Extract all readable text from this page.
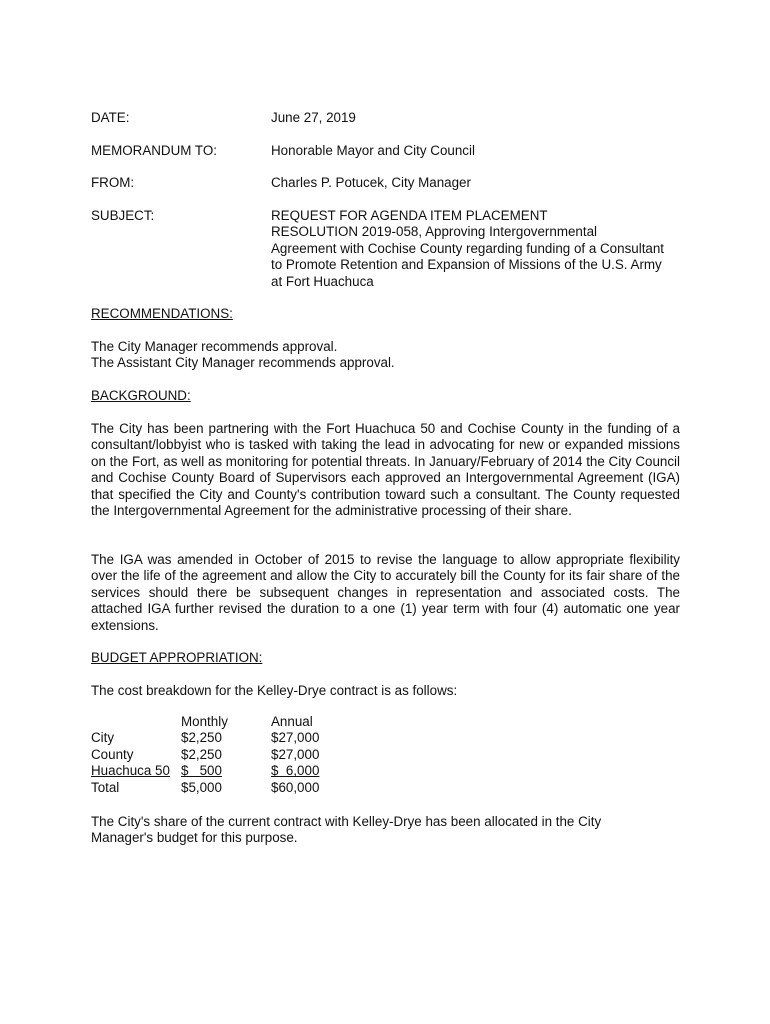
DATE:	June 27, 2019
MEMORANDUM TO:	Honorable Mayor and City Council
FROM:	Charles P. Potucek, City Manager
SUBJECT:	REQUEST FOR AGENDA ITEM PLACEMENT
RESOLUTION 2019-058, Approving Intergovernmental
Agreement with Cochise County regarding funding of a Consultant
to Promote Retention and Expansion of Missions of the U.S. Army
at Fort Huachuca
RECOMMENDATIONS:
The City Manager recommends approval.
The Assistant City Manager recommends approval.
BACKGROUND:

The City has been partnering with the Fort Huachuca 50 and Cochise County in the funding of a consultant/lobbyist who is tasked with taking the lead in advocating for new or expanded missions on the Fort, as well as monitoring for potential threats. In January/February of 2014 the City Council and Cochise County Board of Supervisors each approved an Intergovernmental Agreement (IGA) that specified the City and County's contribution toward such a consultant. The County requested the Intergovernmental Agreement for the administrative processing of their share.

The IGA was amended in October of 2015 to revise the language to allow appropriate flexibility over the life of the agreement and allow the City to accurately bill the County for its fair share of the services should there be subsequent changes in representation and associated costs. The attached IGA further revised the duration to a one (1) year term with four (4) automatic one year extensions.

BUDGET APPROPRIATION:
The cost breakdown for the Kelley-Drye contract is as follows:
	Monthly	Annual
City	$2,250	$27,000
County	$2,250	$27,000
Huachuca 50	$   500	$  6,000
Total	$5,000	$60,000
The City's share of the current contract with Kelley-Drye has been allocated in the City
Manager's budget for this purpose.
